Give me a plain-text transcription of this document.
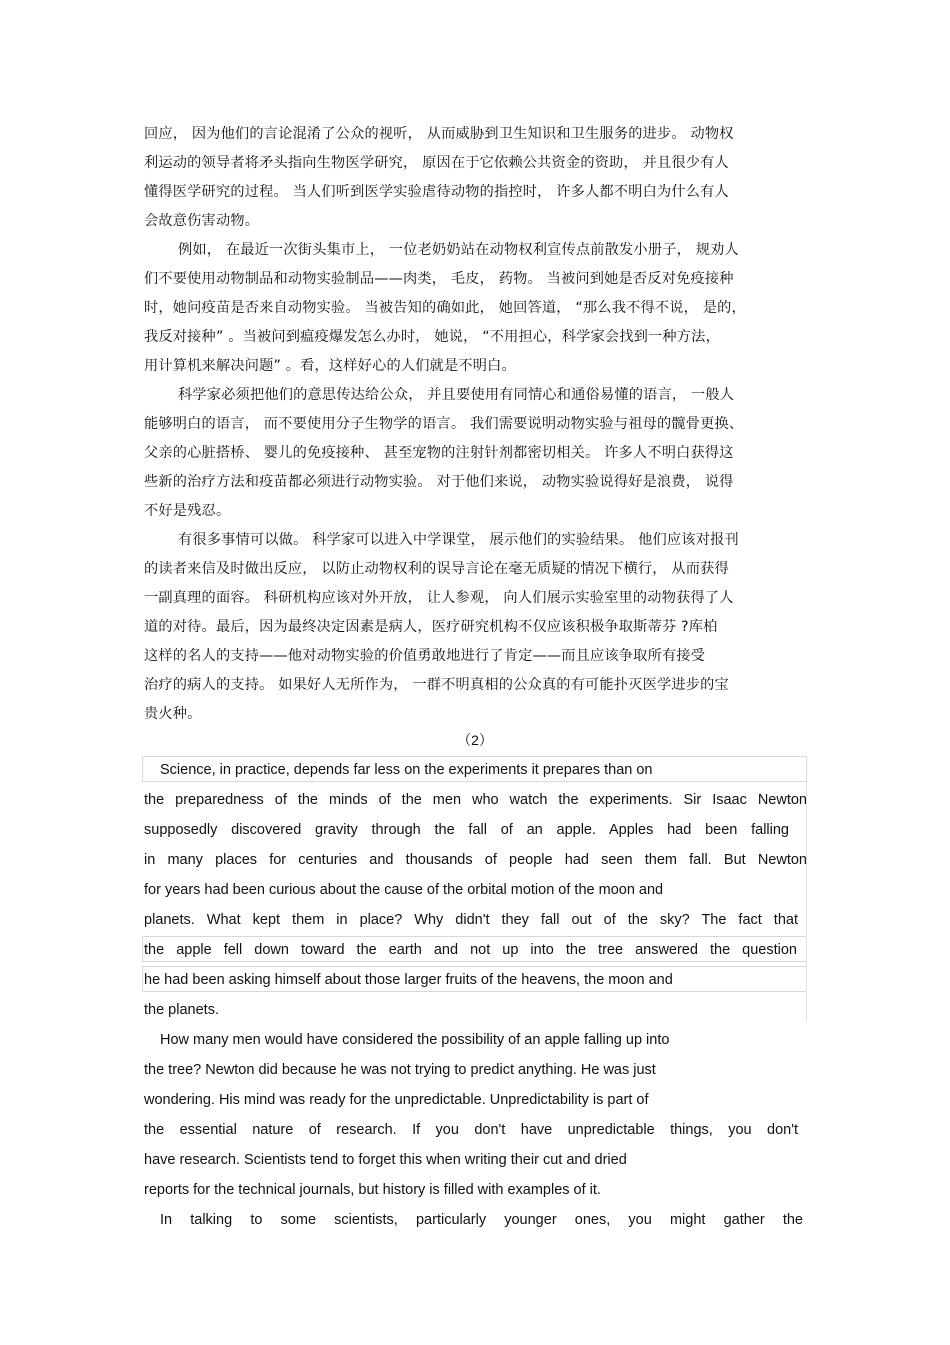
回应， 因为他们的言论混淆了公众的视听， 从而威胁到卫生知识和卫生服务的进步。 动物权
利运动的领导者将矛头指向生物医学研究， 原因在于它依赖公共资金的资助， 并且很少有人
懂得医学研究的过程。 当人们听到医学实验虐待动物的指控时， 许多人都不明白为什么有人
会故意伤害动物。
例如， 在最近一次街头集市上， 一位老奶奶站在动物权利宣传点前散发小册子， 规劝人
们不要使用动物制品和动物实验制品——肉类， 毛皮， 药物。 当被问到她是否反对免疫接种
时，她问疫苗是否来自动物实验。 当被告知的确如此， 她回答道， “那么我不得不说， 是的，
我反对接种” 。当被问到瘟疫爆发怎么办时， 她说， “不用担心，科学家会找到一种方法，
用计算机来解决问题” 。看，这样好心的人们就是不明白。
科学家必须把他们的意思传达给公众， 并且要使用有同情心和通俗易懂的语言， 一般人
能够明白的语言， 而不要使用分子生物学的语言。 我们需要说明动物实验与祖母的髋骨更换、
父亲的心脏搭桥、 婴儿的免疫接种、 甚至宠物的注射针剂都密切相关。 许多人不明白获得这
些新的治疗方法和疫苗都必须进行动物实验。 对于他们来说， 动物实验说得好是浪费， 说得
不好是残忍。
有很多事情可以做。 科学家可以进入中学课堂， 展示他们的实验结果。 他们应该对报刊
的读者来信及时做出反应， 以防止动物权利的误导言论在毫无质疑的情况下横行， 从而获得
一副真理的面容。 科研机构应该对外开放， 让人参观， 向人们展示实验室里的动物获得了人
道的对待。最后，因为最终决定因素是病人，医疗研究机构不仅应该积极争取斯蒂芬 ?库柏
这样的名人的支持——他对动物实验的价值勇敢地进行了肯定——而且应该争取所有接受
治疗的病人的支持。 如果好人无所作为， 一群不明真相的公众真的有可能扑灭医学进步的宝
贵火种。
（2）
Science, in practice, depends far less on the experiments it prepares than on
the preparedness of the minds of the men who watch the experiments. Sir Isaac Newton
supposedly discovered gravity through the fall of an apple. Apples had been falling
in many places for centuries and thousands of people had seen them fall. But Newton
for years had been curious about the cause of the orbital motion of the moon and
planets. What kept them in place? Why didn't they fall out of the sky? The fact that
the apple fell down toward the earth and not up into the tree answered the question
he had been asking himself about those larger fruits of the heavens, the moon and
the planets.
How many men would have considered the possibility of an apple falling up into
the tree? Newton did because he was not trying to predict anything. He was just
wondering. His mind was ready for the unpredictable. Unpredictability is part of
the essential nature of research. If you don't have unpredictable things, you don't
have research. Scientists tend to forget this when writing their cut and dried
reports for the technical journals, but history is filled with examples of it.
In talking to some scientists, particularly younger ones, you might gather the
